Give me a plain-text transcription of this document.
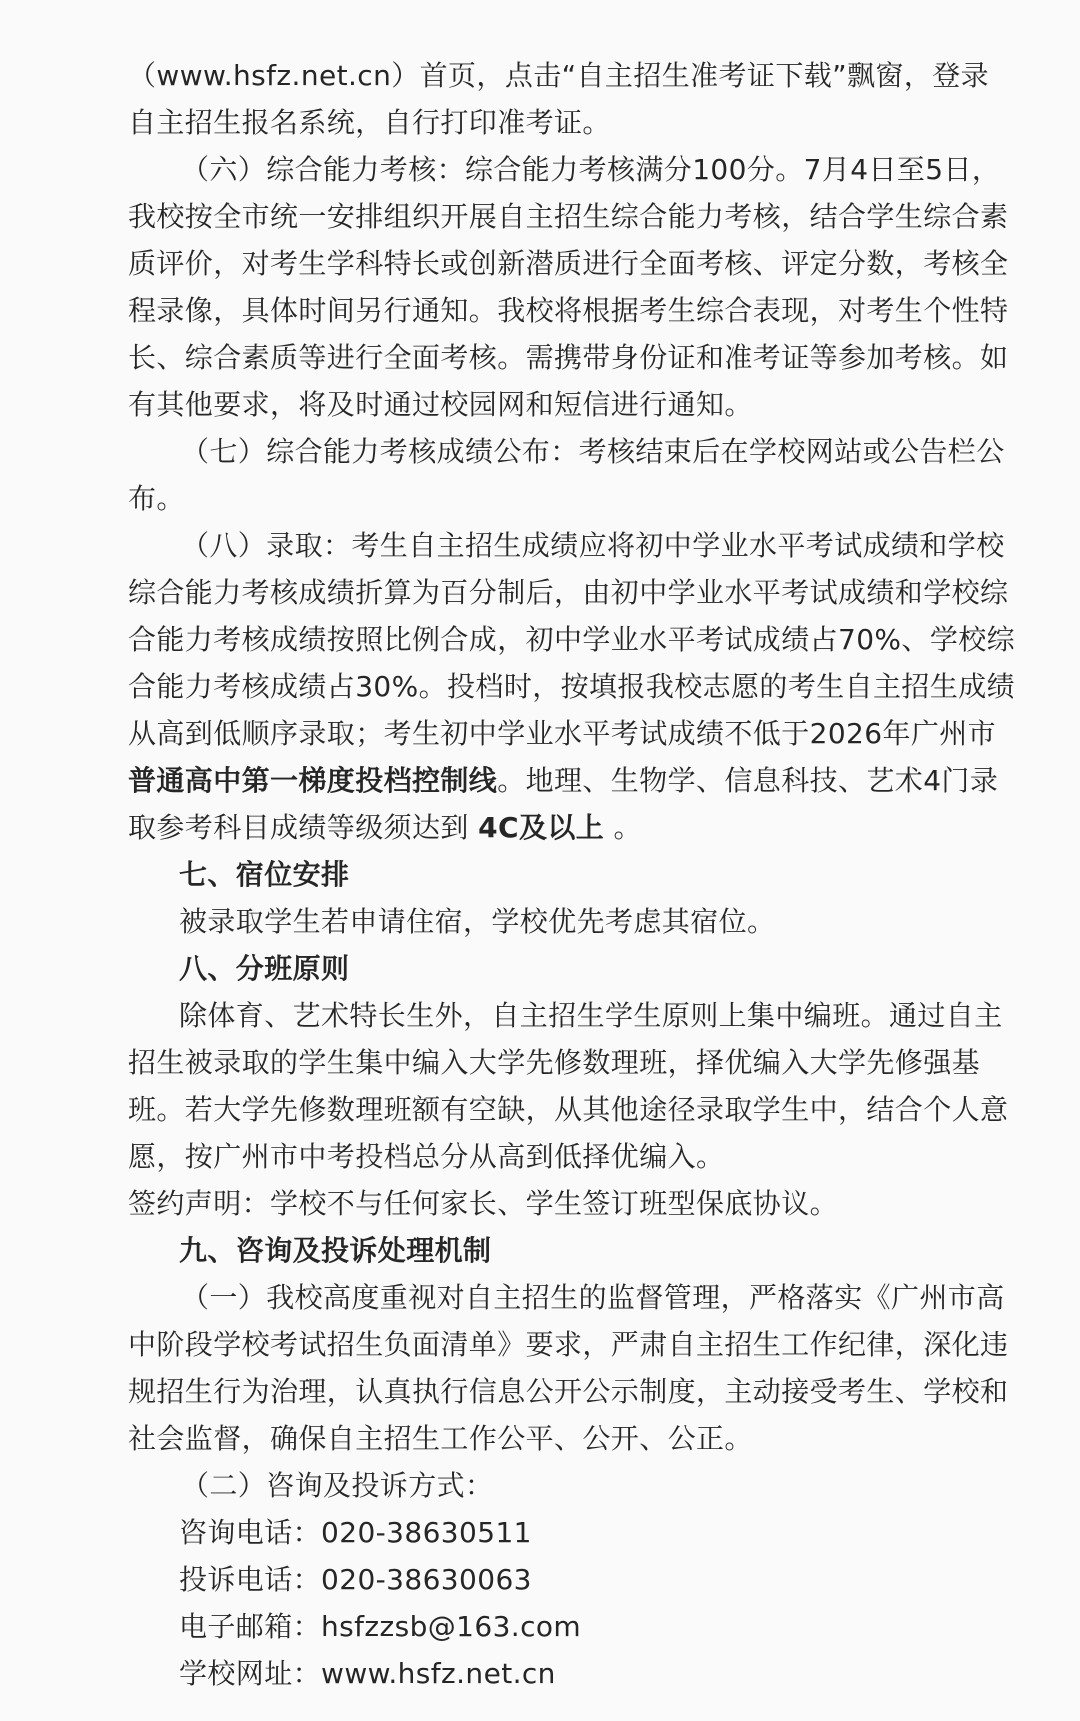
（www.hsfz.net.cn）首页，点击“自主招生准考证下载”飘窗，登录

自主招生报名系统，自行打印准考证。

（六）综合能力考核：综合能力考核满分100分。7月4日至5日，

我校按全市统一安排组织开展自主招生综合能力考核，结合学生综合素

质评价，对考生学科特长或创新潜质进行全面考核、评定分数，考核全

程录像，具体时间另行通知。我校将根据考生综合表现，对考生个性特

长、综合素质等进行全面考核。需携带身份证和准考证等参加考核。如

有其他要求，将及时通过校园网和短信进行通知。

（七）综合能力考核成绩公布：考核结束后在学校网站或公告栏公

布。

（八）录取：考生自主招生成绩应将初中学业水平考试成绩和学校

综合能力考核成绩折算为百分制后，由初中学业水平考试成绩和学校综

合能力考核成绩按照比例合成，初中学业水平考试成绩占70%、学校综

合能力考核成绩占30%。投档时，按填报我校志愿的考生自主招生成绩

从高到低顺序录取；考生初中学业水平考试成绩不低于2026年广州市

普通高中第一梯度投档控制线。地理、生物学、信息科技、艺术4门录

取参考科目成绩等级须达到 4C及以上 。

七、宿位安排

被录取学生若申请住宿，学校优先考虑其宿位。

八、分班原则

除体育、艺术特长生外，自主招生学生原则上集中编班。通过自主

招生被录取的学生集中编入大学先修数理班，择优编入大学先修强基

班。若大学先修数理班额有空缺，从其他途径录取学生中，结合个人意

愿，按广州市中考投档总分从高到低择优编入。

签约声明：学校不与任何家长、学生签订班型保底协议。

九、咨询及投诉处理机制

（一）我校高度重视对自主招生的监督管理，严格落实《广州市高

中阶段学校考试招生负面清单》要求，严肃自主招生工作纪律，深化违

规招生行为治理，认真执行信息公开公示制度，主动接受考生、学校和

社会监督，确保自主招生工作公平、公开、公正。

（二）咨询及投诉方式：

咨询电话：020-38630511

投诉电话：020-38630063

电子邮箱：hsfzzsb@163.com

学校网址：www.hsfz.net.cn
